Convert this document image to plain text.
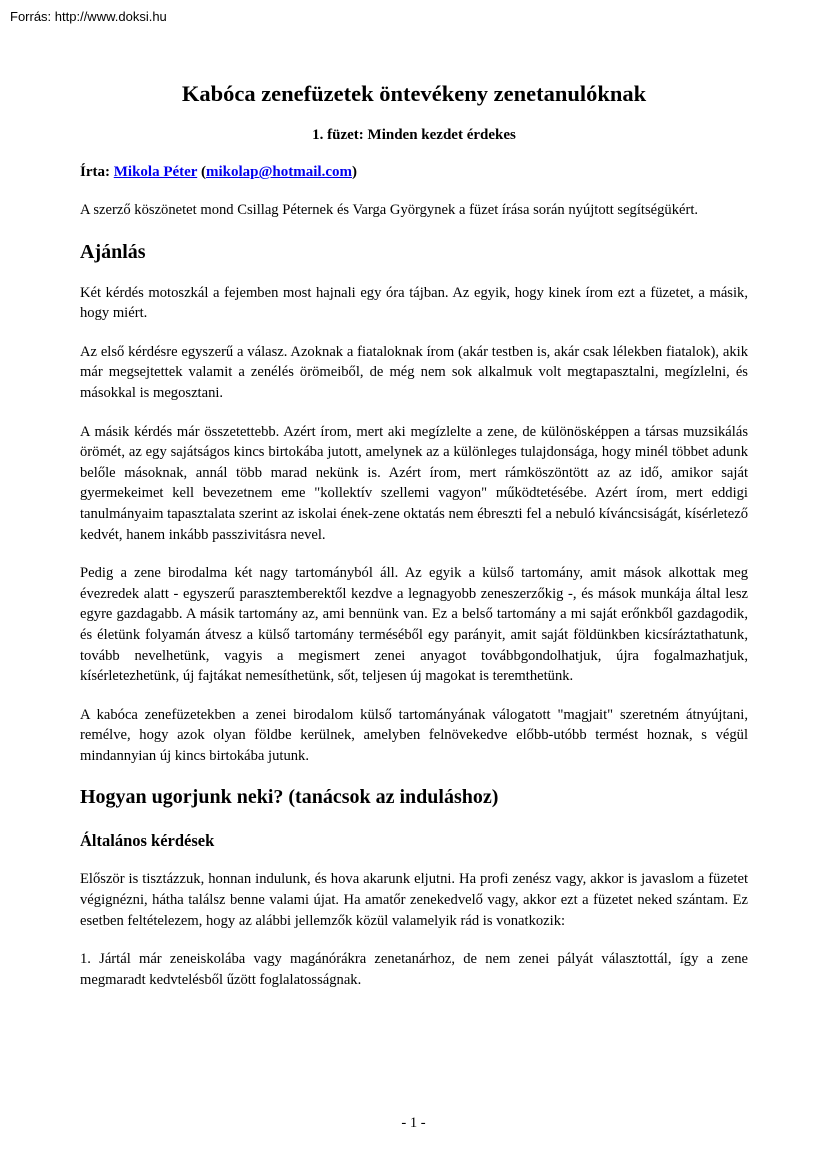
Forrás: http://www.doksi.hu
Kabóca zenefüzetek öntevékeny zenetanulóknak
1. füzet: Minden kezdet érdekes

Írta: Mikola Péter (mikolap@hotmail.com)

A szerző köszönetet mond Csillag Péternek és Varga Györgynek a füzet írása során nyújtott segítségükért.

Ajánlás

Két kérdés motoszkál a fejemben most hajnali egy óra tájban. Az egyik, hogy kinek írom ezt a füzetet, a másik, hogy miért.

Az első kérdésre egyszerű a válasz. Azoknak a fiataloknak írom (akár testben is, akár csak lélekben fiatalok), akik már megsejtettek valamit a zenélés örömeiből, de még nem sok alkalmuk volt megtapasztalni, megízlelni, és másokkal is megosztani.

A másik kérdés már összetettebb. Azért írom, mert aki megízlelte a zene, de különösképpen a társas muzsikálás örömét, az egy sajátságos kincs birtokába jutott, amelynek az a különleges tulajdonsága, hogy minél többet adunk belőle másoknak, annál több marad nekünk is. Azért írom, mert rámköszöntött az az idő, amikor saját gyermekeimet kell bevezetnem eme "kollektív szellemi vagyon" működtetésébe. Azért írom, mert eddigi tanulmányaim tapasztalata szerint az iskolai ének-zene oktatás nem ébreszti fel a nebuló kíváncsiságát, kísérletező kedvét, hanem inkább passzivitásra nevel.

Pedig a zene birodalma két nagy tartományból áll. Az egyik a külső tartomány, amit mások alkottak meg évezredek alatt - egyszerű parasztemberektől kezdve a legnagyobb zeneszerzőkig -, és mások munkája által lesz egyre gazdagabb. A másik tartomány az, ami bennünk van. Ez a belső tartomány a mi saját erőnkből gazdagodik, és életünk folyamán átvesz a külső tartomány terméséből egy parányit, amit saját földünkben kicsíráztathatunk, tovább nevelhetünk, vagyis a megismert zenei anyagot továbbgondolhatjuk, újra fogalmazhatjuk, kísérletezhetünk, új fajtákat nemesíthetünk, sőt, teljesen új magokat is teremthetünk.

A kabóca zenefüzetekben a zenei birodalom külső tartományának válogatott "magjait" szeretném átnyújtani, remélve, hogy azok olyan földbe kerülnek, amelyben felnövekedve előbb-utóbb termést hoznak, s végül mindannyian új kincs birtokába jutunk.

Hogyan ugorjunk neki? (tanácsok az induláshoz)
Általános kérdések

Először is tisztázzuk, honnan indulunk, és hova akarunk eljutni. Ha profi zenész vagy, akkor is javaslom a füzetet végignézni, hátha találsz benne valami újat. Ha amatőr zenekedvelő vagy, akkor ezt a füzetet neked szántam. Ez esetben feltételezem, hogy az alábbi jellemzők közül valamelyik rád is vonatkozik:

1. Jártál már zeneiskolába vagy magánórákra zenetanárhoz, de nem zenei pályát választottál, így a zene megmaradt kedvtelésből űzött foglalatosságnak.

- 1 -
